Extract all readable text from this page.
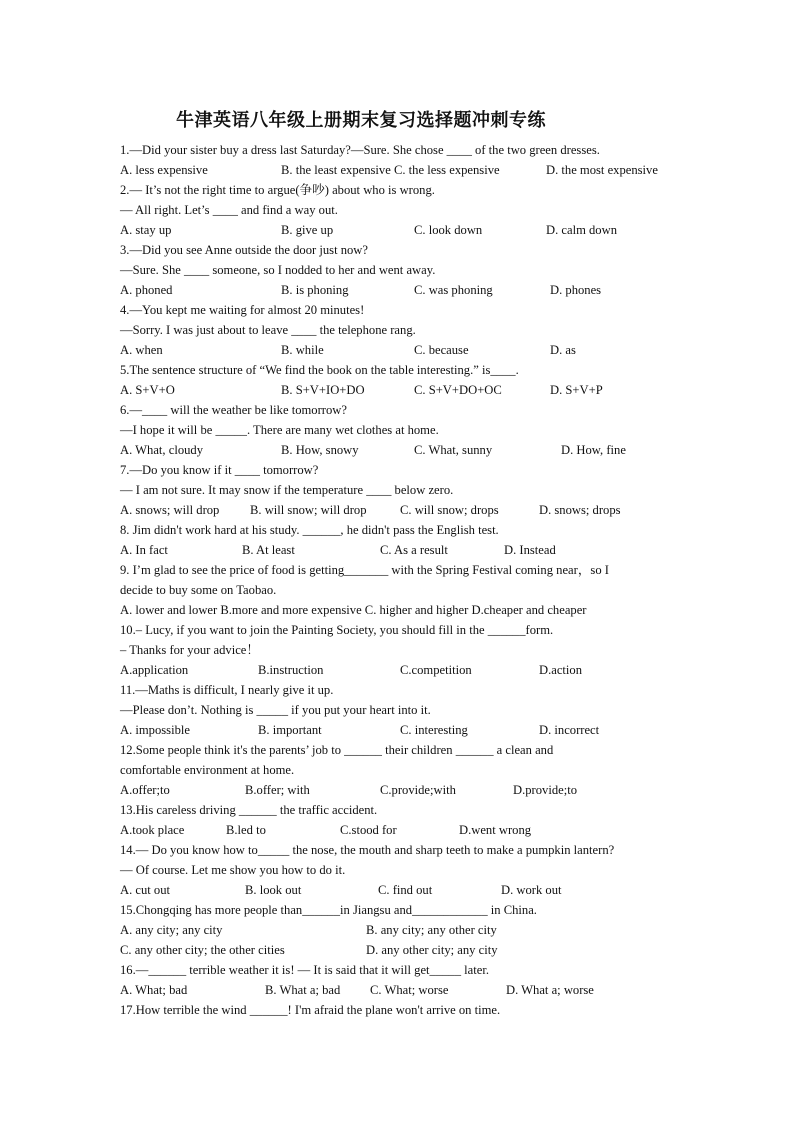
牛津英语八年级上册期末复习选择题冲刺专练
1.—Did your sister buy a dress last Saturday?—Sure. She chose ____ of the two green dresses.
A. less expensive	B. the least expensive C. the less expensive	D. the most expensive
2.— It’s not the right time to argue(争吵) about who is wrong.
— All right. Let’s ____ and find a way out.
A. stay up	B. give up	C. look down	D. calm down
3.—Did you see Anne outside the door just now?
—Sure. She ____ someone, so I nodded to her and went away.
A. phoned	B. is phoning	C. was phoning	D. phones
4.—You kept me waiting for almost 20 minutes!
—Sorry. I was just about to leave ____ the telephone rang.
A. when	B. while	C. because	D. as
5.The sentence structure of “We find the book on the table interesting.” is____.
A. S+V+O	B. S+V+IO+DO	C. S+V+DO+OC	D. S+V+P
6.—____ will the weather be like tomorrow?
—I hope it will be _____. There are many wet clothes at home.
A. What, cloudy	B. How, snowy	C. What, sunny	D. How, fine
7.—Do you know if it ____ tomorrow?
— I am not sure. It may snow if the temperature ____ below zero.
A. snows; will drop B. will snow; will drop	C. will snow; drops	D. snows; drops
8. Jim didn't work hard at his study. ______, he didn't pass the English test.
A. In fact	B. At least	C. As a result	D. Instead
9. I’m glad to see the price of food is getting_______ with the Spring Festival coming near，so I
decide to buy some on Taobao.
A. lower and lower B.more and more expensive C. higher and higher D.cheaper and cheaper
10.– Lucy, if you want to join the Painting Society, you should fill in the ______form.
– Thanks for your advice！
A.application	B.instruction	C.competition	D.action
11.—Maths is difficult, I nearly give it up.
—Please don’t. Nothing is _____ if you put your heart into it.
A. impossible	B. important	C. interesting	D. incorrect
12.Some people think it's the parents’ job to ______ their children ______ a clean and
comfortable environment at home.
A.offer;to	B.offer; with	C.provide;with	D.provide;to
13.His careless driving ______ the traffic accident.
A.took place	B.led to	C.stood for	D.went wrong
14.— Do you know how to_____ the nose, the mouth and sharp teeth to make a pumpkin lantern?
— Of course. Let me show you how to do it.
A. cut out	B. look out	C. find out	D. work out
15.Chongqing has more people than______in Jiangsu and____________ in China.
A. any city; any city	B. any city; any other city
C. any other city; the other cities	D. any other city; any city
16.—______ terrible weather it is! — It is said that it will get_____ later.
A. What; bad	B. What a; bad C. What; worse	D. What a; worse
17.How terrible the wind ______! I'm afraid the plane won't arrive on time.
